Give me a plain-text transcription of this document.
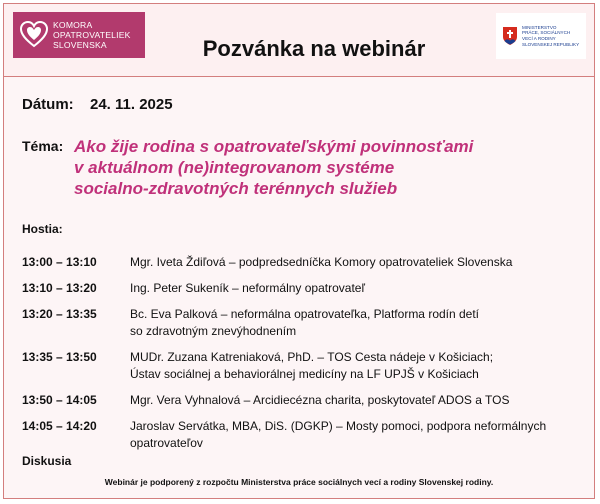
KOMORA
OPATROVATELIEK
SLOVENSKA	Pozvánka na webinár
MINISTERSTVO
PRÁCE, SOCIÁLNYCH
VECÍ A RODINY
SLOVENSKEJ REPUBLIKY
Dátum: 24. 11. 2025
Téma: Ako žije rodina s opatrovateľskými povinnosťami
v aktuálnom (ne)integrovanom systéme
socialno-zdravotných terénnych služieb
Hostia:
13:00 – 13:10	Mgr. Iveta Ždiľová – podpredsedníčka Komory opatrovateliek Slovenska
13:10 – 13:20	Ing. Peter Sukeník – neformálny opatrovateľ
13:20 – 13:35	Bc. Eva Palková – neformálna opatrovateľka, Platforma rodín detí
so zdravotným znevýhodnením
13:35 – 13:50	MUDr. Zuzana Katreniaková, PhD. – TOS Cesta nádeje v Košiciach;
Ústav sociálnej a behaviorálnej medicíny na LF UPJŠ v Košiciach
13:50 – 14:05	Mgr. Vera Vyhnalová – Arcidiecézna charita, poskytovateľ ADOS a TOS
14:05 – 14:20	Jaroslav Servátka, MBA, DiS. (DGKP) – Mosty pomoci, podpora neformálnych
opatrovateľov
Diskusia
Webinár je podporený z rozpočtu Ministerstva práce sociálnych vecí a rodiny Slovenskej rodiny.
